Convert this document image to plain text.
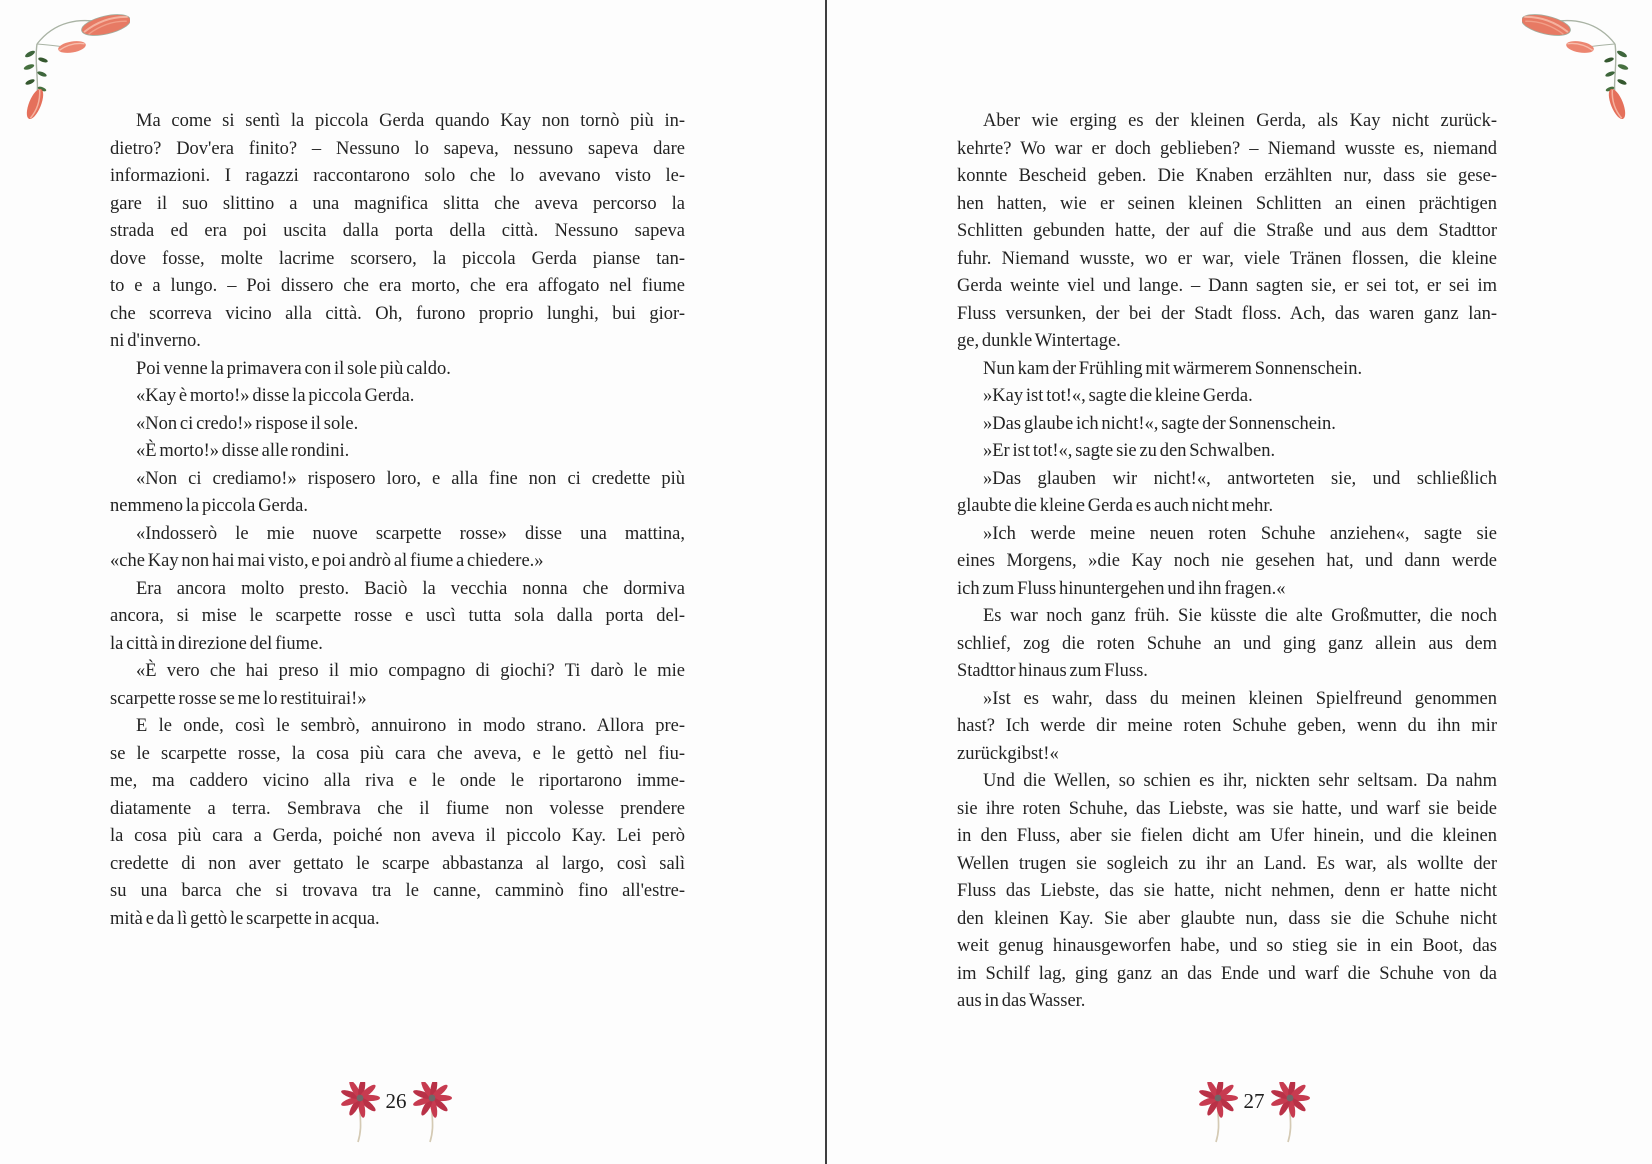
Ma come si sentì la piccola Gerda quando Kay non tornò più in-
dietro? Dov'era finito? – Nessuno lo sapeva, nessuno sapeva dare
informazioni. I ragazzi raccontarono solo che lo avevano visto le-
gare il suo slittino a una magnifica slitta che aveva percorso la
strada ed era poi uscita dalla porta della città. Nessuno sapeva
dove fosse, molte lacrime scorsero, la piccola Gerda pianse tan-
to e a lungo. – Poi dissero che era morto, che era affogato nel fiume
che scorreva vicino alla città. Oh, furono proprio lunghi, bui gior-
ni d'inverno.
Poi venne la primavera con il sole più caldo.
«Kay è morto!» disse la piccola Gerda.
«Non ci credo!» rispose il sole.
«È morto!» disse alle rondini.
«Non ci crediamo!» risposero loro, e alla fine non ci credette più
nemmeno la piccola Gerda.
«Indosserò le mie nuove scarpette rosse» disse una mattina,
«che Kay non hai mai visto, e poi andrò al fiume a chiedere.»
Era ancora molto presto. Baciò la vecchia nonna che dormiva
ancora, si mise le scarpette rosse e uscì tutta sola dalla porta del-
la città in direzione del fiume.
«È vero che hai preso il mio compagno di giochi? Ti darò le mie
scarpette rosse se me lo restituirai!»
E le onde, così le sembrò, annuirono in modo strano. Allora pre-
se le scarpette rosse, la cosa più cara che aveva, e le gettò nel fiu-
me, ma caddero vicino alla riva e le onde le riportarono imme-
diatamente a terra. Sembrava che il fiume non volesse prendere
la cosa più cara a Gerda, poiché non aveva il piccolo Kay. Lei però
credette di non aver gettato le scarpe abbastanza al largo, così salì
su una barca che si trovava tra le canne, camminò fino all'estre-
mità e da lì gettò le scarpette in acqua.
Aber wie erging es der kleinen Gerda, als Kay nicht zurück-
kehrte? Wo war er doch geblieben? – Niemand wusste es, niemand
konnte Bescheid geben. Die Knaben erzählten nur, dass sie gese-
hen hatten, wie er seinen kleinen Schlitten an einen prächtigen
Schlitten gebunden hatte, der auf die Straße und aus dem Stadttor
fuhr. Niemand wusste, wo er war, viele Tränen flossen, die kleine
Gerda weinte viel und lange. – Dann sagten sie, er sei tot, er sei im
Fluss versunken, der bei der Stadt floss. Ach, das waren ganz lan-
ge, dunkle Wintertage.
Nun kam der Frühling mit wärmerem Sonnenschein.
»Kay ist tot!«, sagte die kleine Gerda.
»Das glaube ich nicht!«, sagte der Sonnenschein.
»Er ist tot!«, sagte sie zu den Schwalben.
»Das glauben wir nicht!«, antworteten sie, und schließlich
glaubte die kleine Gerda es auch nicht mehr.
»Ich werde meine neuen roten Schuhe anziehen«, sagte sie
eines Morgens, »die Kay noch nie gesehen hat, und dann werde
ich zum Fluss hinuntergehen und ihn fragen.«
Es war noch ganz früh. Sie küsste die alte Großmutter, die noch
schlief, zog die roten Schuhe an und ging ganz allein aus dem
Stadttor hinaus zum Fluss.
»Ist es wahr, dass du meinen kleinen Spielfreund genommen
hast? Ich werde dir meine roten Schuhe geben, wenn du ihn mir
zurückgibst!«
Und die Wellen, so schien es ihr, nickten sehr seltsam. Da nahm
sie ihre roten Schuhe, das Liebste, was sie hatte, und warf sie beide
in den Fluss, aber sie fielen dicht am Ufer hinein, und die kleinen
Wellen trugen sie sogleich zu ihr an Land. Es war, als wollte der
Fluss das Liebste, das sie hatte, nicht nehmen, denn er hatte nicht
den kleinen Kay. Sie aber glaubte nun, dass sie die Schuhe nicht
weit genug hinausgeworfen habe, und so stieg sie in ein Boot, das
im Schilf lag, ging ganz an das Ende und warf die Schuhe von da
aus in das Wasser.
26	27
